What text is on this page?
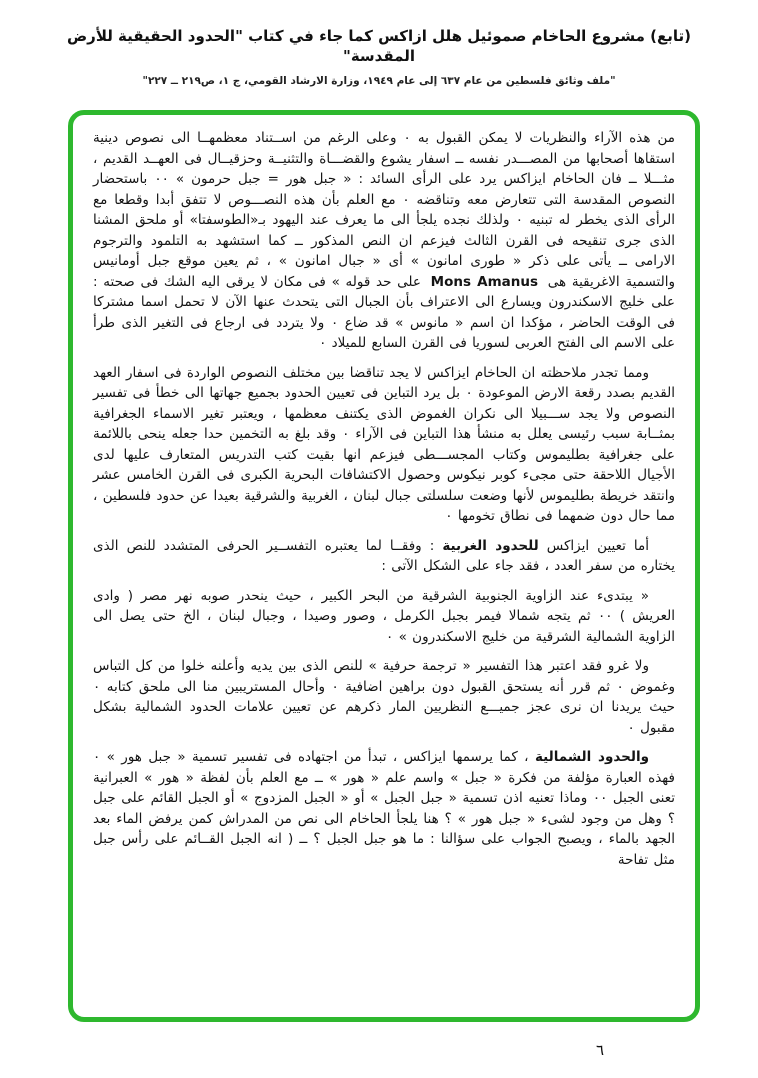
(تابع) مشروع الحاخام صموئيل هلل ازاكس كما جاء في كتاب "الحدود الحقيقية للأرض المقدسة"
"ملف وثائق فلسطين من عام ٦٣٧ إلى عام ١٩٤٩، وزارة الارشاد القومي، ج ١، ص٢١٩ ــ ٢٢٧"

من هذه الآراء والنظريات لا يمكن القبول به ٠ وعلى الرغم من اســتناد معظمهــا الى نصوص دينية استقاها أصحابها من المصـــدر نفسه ــ اسفار يشوع والقضـــاة والتثنيــة وحزقيــال فى العهــد القديم ، مثـــلا ــ فان الحاخام ايزاكس يرد على الرأى السائد : « جبل هور = جبل حرمون » ٠٠ باستحضار النصوص المقدسة التى تتعارض معه وتناقضه ٠ مع العلم بأن هذه النصـــوص لا تتفق أبدا وقطعا مع الرأى الذى يخطر له تبنيه ٠ ولذلك نجده يلجأ الى ما يعرف عند اليهود بـ«الطوسفتا» أو ملحق المشنا الذى جرى تنقيحه فى القرن الثالث فيزعم ان النص المذكور ــ كما استشهد به التلمود والترجوم الارامى ــ يأتى على ذكر « طورى امانون » أى « جبال امانون » ، ثم يعين موقع جبل أومانيس والتسمية الاغريقية هى Mons Amanus على حد قوله » فى مكان لا يرقى اليه الشك فى صحته : على خليج الاسكندرون ويسارع الى الاعتراف بأن الجبال التى يتحدث عنها الآن لا تحمل اسما مشتركا فى الوقت الحاضر ، مؤكدا ان اسم « مانوس » قد ضاع ٠ ولا يتردد فى ارجاع فى التغير الذى طرأ على الاسم الى الفتح العربى لسوريا فى القرن السابع للميلاد ٠

ومما تجدر ملاحظته ان الحاخام ايزاكس لا يجد تناقضا بين مختلف النصوص الواردة فى اسفار العهد القديم بصدد رقعة الارض الموعودة ٠ بل يرد التباين فى تعيين الحدود بجميع جهاتها الى خطأ فى تفسير النصوص ولا يجد ســـبيلا الى نكران الغموض الذى يكتنف معظمها ، ويعتبر تغير الاسماء الجغرافية بمثــابة سبب رئيسى يعلل به منشأ هذا التباين فى الآراء ٠ وقد بلغ به التخمين حدا جعله ينحى باللائمة على جغرافية بطليموس وكتاب المجســـطى فيزعم انها بقيت كتب التدريس المتعارف عليها لدى الأجيال اللاحقة حتى مجىء كوبر نيكوس وحصول الاكتشافات البحرية الكبرى فى القرن الخامس عشر وانتقد خريطة بطليموس لأنها وضعت سلسلتى جبال لبنان ، الغربية والشرقية بعيدا عن حدود فلسطين ، مما حال دون ضمهما فى نطاق تخومها ٠

أما تعيين ايزاكس للحدود الغربية : وفقــا لما يعتبره التفســير الحرفى المتشدد للنص الذى يختاره من سفر العدد ، فقد جاء على الشكل الآتى :

« يبتدىء عند الزاوية الجنوبية الشرقية من البحر الكبير ، حيث ينحدر صوبه نهر مصر ( وادى العريش ) ٠٠ ثم يتجه شمالا فيمر بجبل الكرمل ، وصور وصيدا ، وجبال لبنان ، الخ حتى يصل الى الزاوية الشمالية الشرقية من خليج الاسكندرون » ٠

ولا غرو فقد اعتبر هذا التفسير « ترجمة حرفية » للنص الذى بين يديه وأعلنه خلوا من كل التباس وغموض ٠ ثم قرر أنه يستحق القبول دون براهين اضافية ٠ وأحال المستريبين منا الى ملحق كتابه ٠ حيث يريدنا ان نرى عجز جميـــع النظريين المار ذكرهم عن تعيين علامات الحدود الشمالية بشكل مقبول ٠

والحدود الشمالية ، كما يرسمها ايزاكس ، تبدأ من اجتهاده فى تفسير تسمية « جبل هور » ٠ فهذه العبارة مؤلفة من فكرة « جبل » واسم علم « هور » ــ مع العلم بأن لفظة « هور » العبرانية تعنى الجبل ٠٠ وماذا تعنيه اذن تسمية « جبل الجبل » أو « الجبل المزدوج » أو الجبل القائم على جبل ؟ وهل من وجود لشىء « جبل هور » ؟ هنا يلجأ الحاخام الى نص من المدراش كمن يرفض الماء بعد الجهد بالماء ، ويصبح الجواب على سؤالنا : ما هو جبل الجبل ؟ ــ ( انه الجبل القــائم على رأس جبل مثل تفاحة

٦
